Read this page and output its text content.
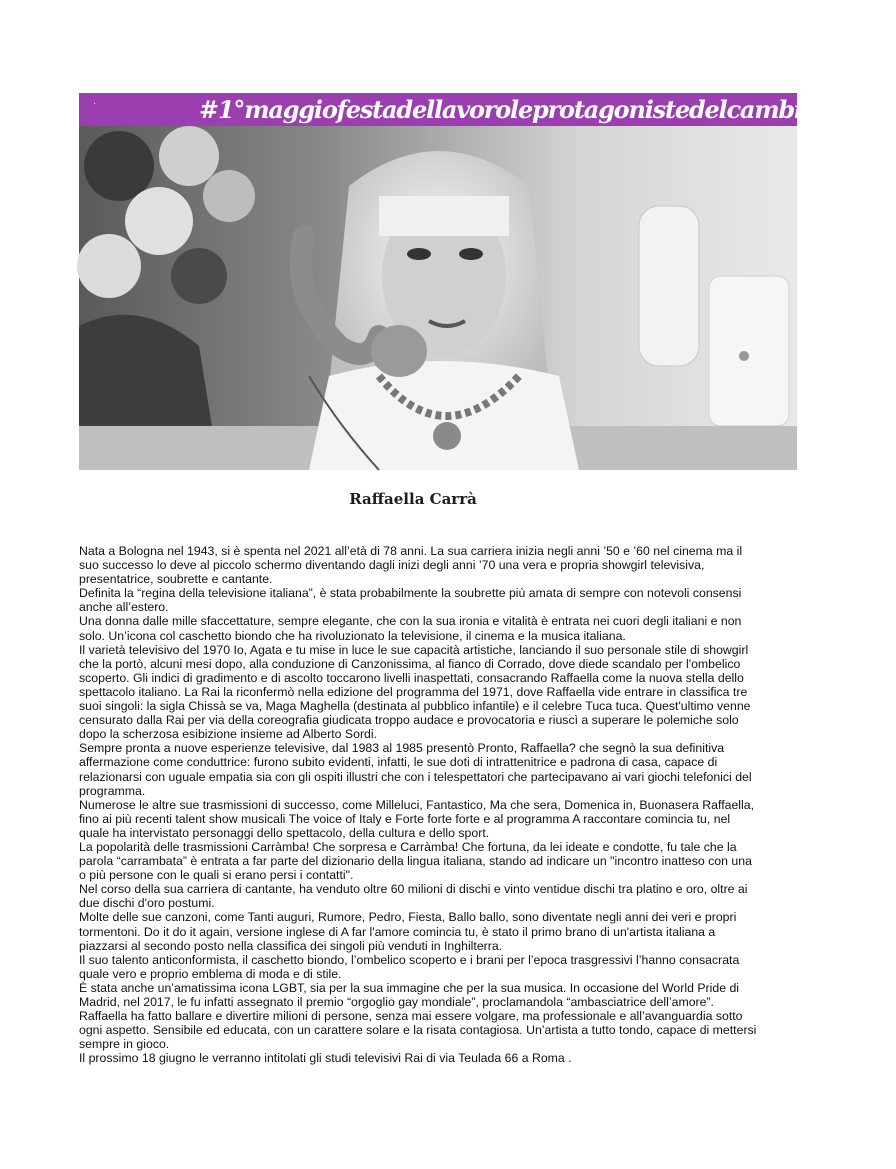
·	#1°maggiofestadellavoroleprotagonistedelcambiamento
Raffaella Carrà

Nata a Bologna nel 1943, si è spenta nel 2021 all’età di 78 anni. La sua carriera inizia negli anni ’50 e ’60 nel cinema ma il suo successo lo deve al piccolo schermo diventando dagli inizi degli anni ’70 una vera e propria showgirl televisiva, presentatrice, soubrette e cantante.

Definita la “regina della televisione italiana”, è stata probabilmente la soubrette più amata di sempre con notevoli consensi anche all’estero.

Una donna dalle mille sfaccettature, sempre elegante, che con la sua ironia e vitalità è entrata nei cuori degli italiani e non solo. Un’icona col caschetto biondo che ha rivoluzionato la televisione, il cinema e la musica italiana.

Il varietà televisivo del 1970 Io, Agata e tu mise in luce le sue capacità artistiche, lanciando il suo personale stile di showgirl che la portò, alcuni mesi dopo, alla conduzione di Canzonissima, al fianco di Corrado, dove diede scandalo per l'ombelico scoperto. Gli indici di gradimento e di ascolto toccarono livelli inaspettati, consacrando Raffaella come la nuova stella dello spettacolo italiano. La Rai la riconfermò nella edizione del programma del 1971, dove Raffaella vide entrare in classifica tre suoi singoli: la sigla Chissà se va, Maga Maghella (destinata al pubblico infantile) e il celebre Tuca tuca. Quest'ultimo venne censurato dalla Rai per via della coreografia giudicata troppo audace e provocatoria e riuscì a superare le polemiche solo dopo la scherzosa esibizione insieme ad Alberto Sordi.

Sempre pronta a nuove esperienze televisive, dal 1983 al 1985 presentò Pronto, Raffaella? che segnò la sua definitiva affermazione come conduttrice: furono subito evidenti, infatti, le sue doti di intrattenitrice e padrona di casa, capace di relazionarsi con uguale empatia sia con gli ospiti illustri che con i telespettatori che partecipavano ai vari giochi telefonici del programma.

Numerose le altre sue trasmissioni di successo, come Milleluci, Fantastico, Ma che sera, Domenica in, Buonasera Raffaella, fino ai più recenti talent show musicali The voice of Italy e Forte forte forte e al programma A raccontare comincia tu, nel quale ha intervistato personaggi dello spettacolo, della cultura e dello sport.

La popolarità delle trasmissioni Carràmba! Che sorpresa e Carràmba! Che fortuna, da lei ideate e condotte, fu tale che la parola “carrambata” è entrata a far parte del dizionario della lingua italiana, stando ad indicare un "incontro inatteso con una o più persone con le quali si erano persi i contatti".

Nel corso della sua carriera di cantante, ha venduto oltre 60 milioni di dischi e vinto ventidue dischi tra platino e oro, oltre ai due dischi d'oro postumi.

Molte delle sue canzoni, come Tanti auguri, Rumore, Pedro, Fiesta, Ballo ballo, sono diventate negli anni dei veri e propri tormentoni. Do it do it again, versione inglese di A far l'amore comincia tu, è stato il primo brano di un'artista italiana a piazzarsi al secondo posto nella classifica dei singoli più venduti in Inghilterra.

Il suo talento anticonformista, il caschetto biondo, l’ombelico scoperto e i brani per l’epoca trasgressivi l’hanno consacrata quale vero e proprio emblema di moda e di stile.

È stata anche un’amatissima icona LGBT, sia per la sua immagine che per la sua musica. In occasione del World Pride di Madrid, nel 2017, le fu infatti assegnato il premio “orgoglio gay mondiale”, proclamandola “ambasciatrice dell’amore”. Raffaella ha fatto ballare e divertire milioni di persone, senza mai essere volgare, ma professionale e all’avanguardia sotto ogni aspetto. Sensibile ed educata, con un carattere solare e la risata contagiosa. Un’artista a tutto tondo, capace di mettersi sempre in gioco.

Il prossimo 18 giugno le verranno intitolati gli studi televisivi Rai di via Teulada 66 a Roma .
